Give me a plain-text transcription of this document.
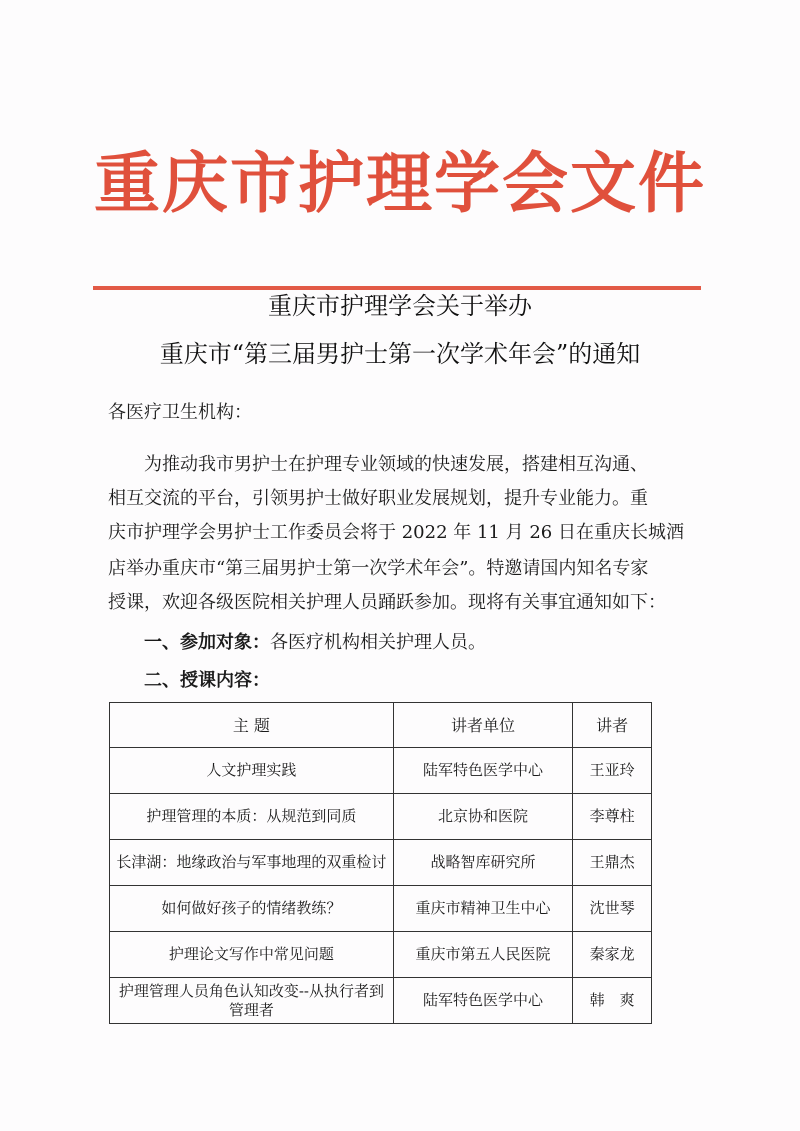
重庆市护理学会文件
重庆市护理学会关于举办
重庆市“第三届男护士第一次学术年会”的通知
各医疗卫生机构：
为推动我市男护士在护理专业领域的快速发展，搭建相互沟通、
相互交流的平台，引领男护士做好职业发展规划，提升专业能力。重
庆市护理学会男护士工作委员会将于 2022 年 11 月 26 日在重庆长城酒
店举办重庆市“第三届男护士第一次学术年会”。特邀请国内知名专家
授课，欢迎各级医院相关护理人员踊跃参加。现将有关事宜通知如下：
一、参加对象：各医疗机构相关护理人员。
二、授课内容：
主 题	讲者单位	讲者
人文护理实践	陆军特色医学中心	王亚玲
护理管理的本质：从规范到同质	北京协和医院	李尊柱
长津湖：地缘政治与军事地理的双重检讨	战略智库研究所	王鼎杰
如何做好孩子的情绪教练？	重庆市精神卫生中心	沈世琴
护理论文写作中常见问题	重庆市第五人民医院	秦家龙
护理管理人员角色认知改变--从执行者到管理者	陆军特色医学中心	韩　爽
